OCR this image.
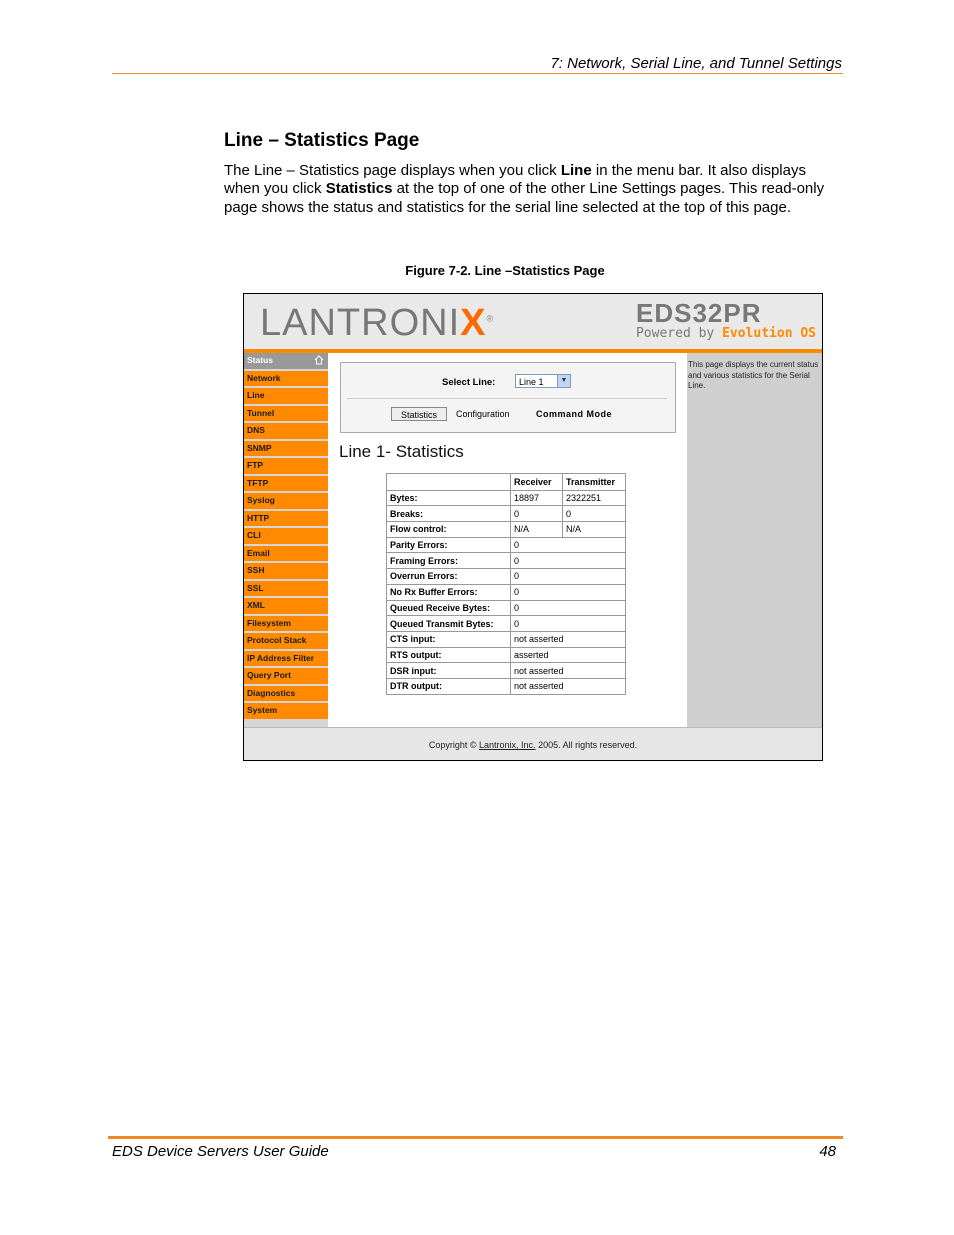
7: Network, Serial Line, and Tunnel Settings
Line – Statistics Page
The Line – Statistics page displays when you click Line in the menu bar. It also displays when you click Statistics at the top of one of the other Line Settings pages. This read-only page shows the status and statistics for the serial line selected at the top of this page.
Figure 7-2. Line –Statistics Page
LANTRONIX®	EDS32PR
Powered by Evolution OS
Status
Network
Line
Tunnel
DNS
SNMP
FTP
TFTP
Syslog
HTTP
CLI
Email
SSH
SSL
XML
Filesystem
Protocol Stack
IP Address Filter
Query Port
Diagnostics
System
Select Line:	Line 1	▼
Statistics	Configuration	Command Mode
Line 1- Statistics
	Receiver	Transmitter
Bytes:	18897	2322251
Breaks:	0	0
Flow control:	N/A	N/A
Parity Errors:	0	
Framing Errors:	0	
Overrun Errors:	0	
No Rx Buffer Errors:	0	
Queued Receive Bytes:	0	
Queued Transmit Bytes:	0	
CTS input:	not asserted	
RTS output:	asserted	
DSR input:	not asserted	
DTR output:	not asserted	
This page displays the current status and various statistics for the Serial Line.
Copyright © Lantronix, Inc. 2005. All rights reserved.
EDS Device Servers User Guide	48
